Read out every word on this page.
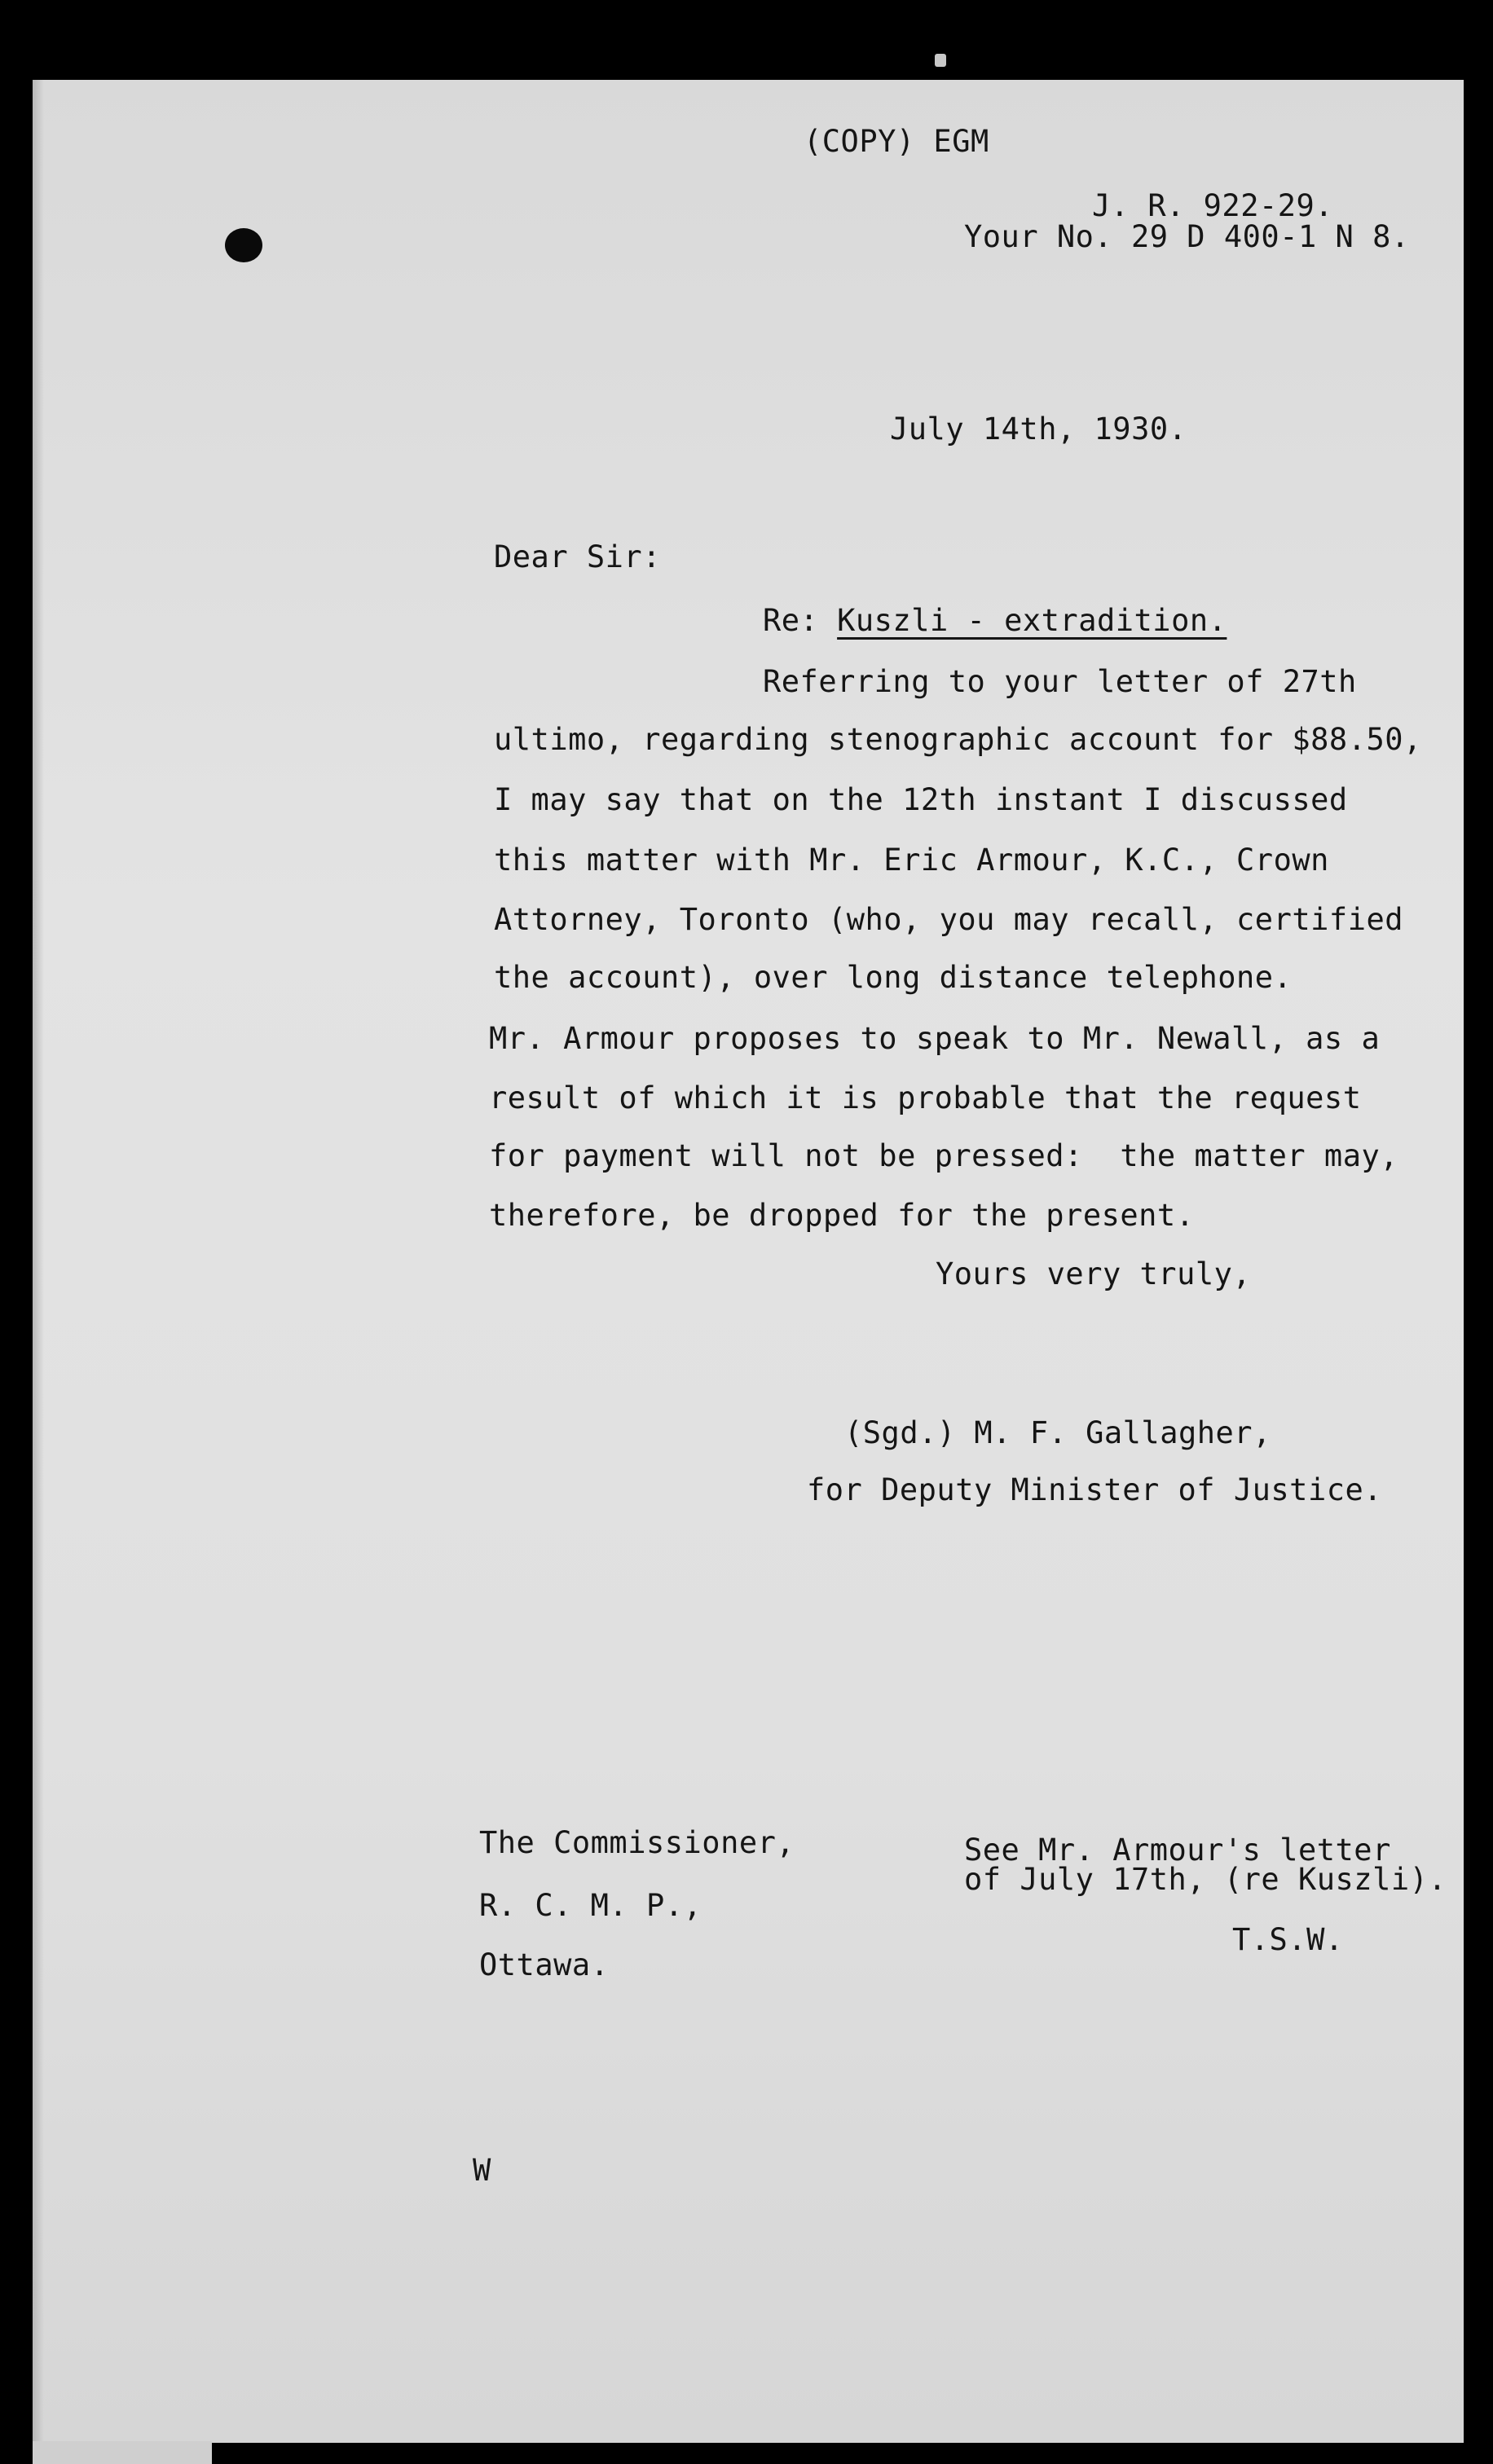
(COPY) EGM
J. R. 922-29.
Your No. 29 D 400-1 N 8.
July 14th, 1930.
Dear Sir:
Re: Kuszli - extradition.
Referring to your letter of 27th
ultimo, regarding stenographic account for $88.50,
I may say that on the 12th instant I discussed
this matter with Mr. Eric Armour, K.C., Crown
Attorney, Toronto (who, you may recall, certified
the account), over long distance telephone.
Mr. Armour proposes to speak to Mr. Newall, as a
result of which it is probable that the request
for payment will not be pressed:  the matter may,
therefore, be dropped for the present.
Yours very truly,
(Sgd.) M. F. Gallagher,
for Deputy Minister of Justice.
The Commissioner,
R. C. M. P.,
Ottawa.
See Mr. Armour's letter
of July 17th, (re Kuszli).
T.S.W.
W
